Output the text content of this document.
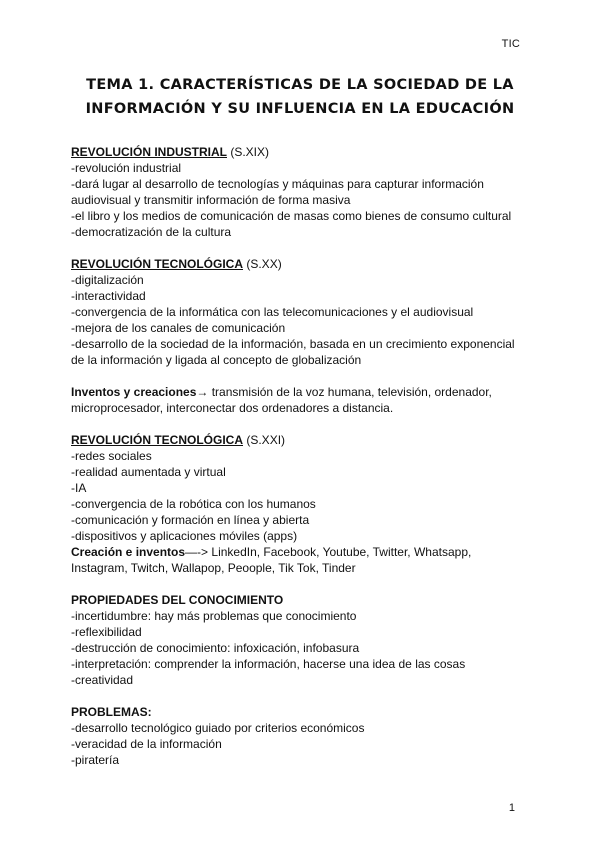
TIC
TEMA 1. CARACTERÍSTICAS DE LA SOCIEDAD DE LA
INFORMACIÓN Y SU INFLUENCIA EN LA EDUCACIÓN
REVOLUCIÓN INDUSTRIAL (S.XIX)
-revolución industrial
-dará lugar al desarrollo de tecnologías y máquinas para capturar información
audiovisual y transmitir información de forma masiva
-el libro y los medios de comunicación de masas como bienes de consumo cultural
-democratización de la cultura
REVOLUCIÓN TECNOLÓGICA (S.XX)
-digitalización
-interactividad
-convergencia de la informática con las telecomunicaciones y el audiovisual
-mejora de los canales de comunicación
-desarrollo de la sociedad de la información, basada en un crecimiento exponencial
de la información y ligada al concepto de globalización
Inventos y creaciones→ transmisión de la voz humana, televisión, ordenador,
microprocesador, interconectar dos ordenadores a distancia.
REVOLUCIÓN TECNOLÓGICA (S.XXI)
-redes sociales
-realidad aumentada y virtual
-IA
-convergencia de la robótica con los humanos
-comunicación y formación en línea y abierta
-dispositivos y aplicaciones móviles (apps)
Creación e inventos—-> LinkedIn, Facebook, Youtube, Twitter, Whatsapp,
Instagram, Twitch, Wallapop, Peoople, Tik Tok, Tinder
PROPIEDADES DEL CONOCIMIENTO
-incertidumbre: hay más problemas que conocimiento
-reflexibilidad
-destrucción de conocimiento: infoxicación, infobasura
-interpretación: comprender la información, hacerse una idea de las cosas
-creatividad
PROBLEMAS:
-desarrollo tecnológico guiado por criterios económicos
-veracidad de la información
-piratería
1
